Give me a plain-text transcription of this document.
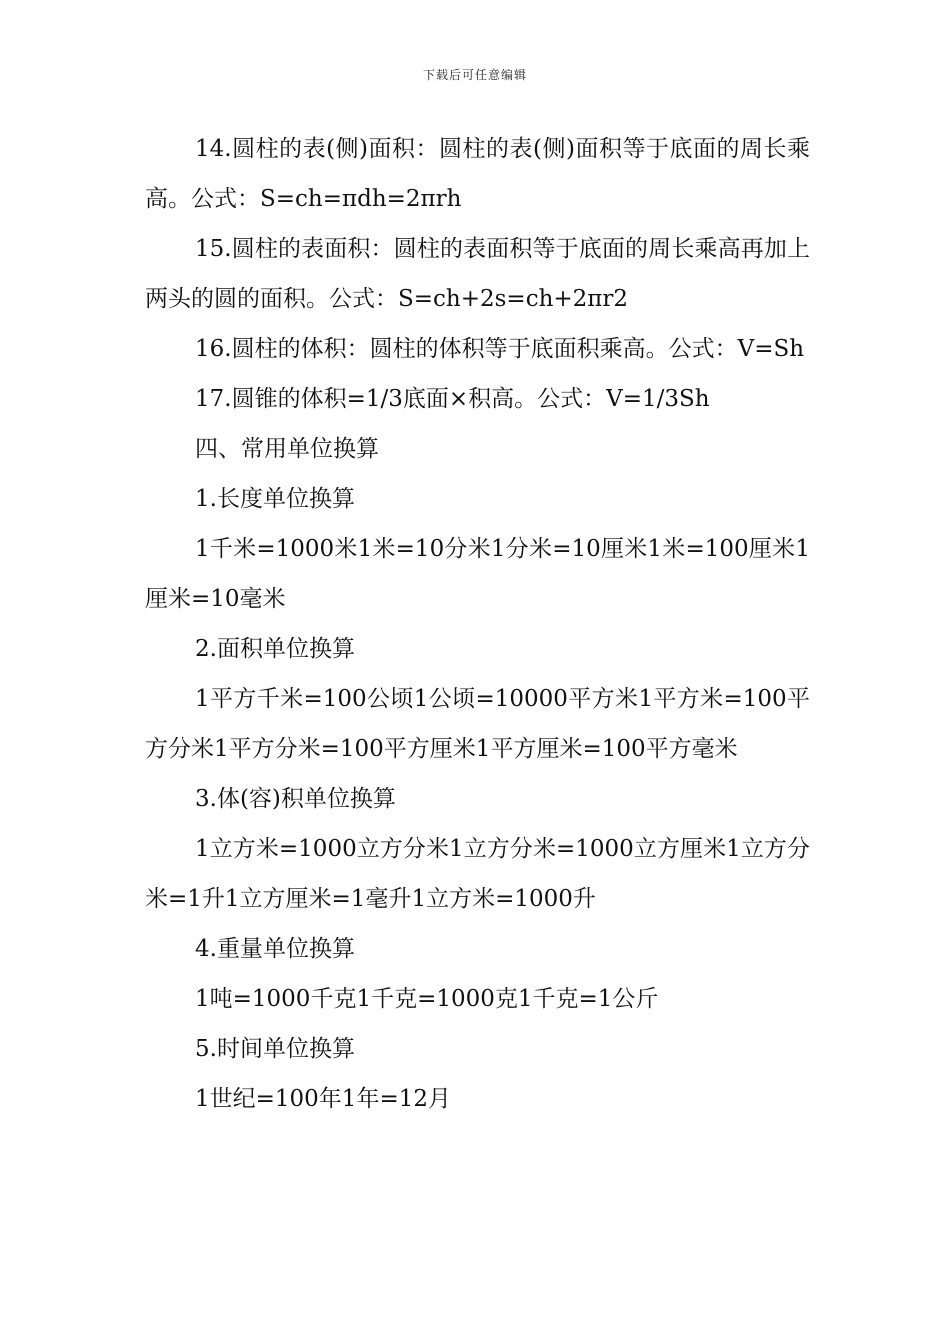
下载后可任意编辑

14.圆柱的表(侧)面积：圆柱的表(侧)面积等于底面的周长乘高。公式：S=ch=πdh=2πrh

15.圆柱的表面积：圆柱的表面积等于底面的周长乘高再加上两头的圆的面积。公式：S=ch+2s=ch+2πr2

16.圆柱的体积：圆柱的体积等于底面积乘高。公式：V=Sh

17.圆锥的体积=1/3底面×积高。公式：V=1/3Sh

四、常用单位换算

1.长度单位换算

1千米=1000米1米=10分米1分米=10厘米1米=100厘米1厘米=10毫米

2.面积单位换算

1平方千米=100公顷1公顷=10000平方米1平方米=100平方分米1平方分米=100平方厘米1平方厘米=100平方毫米

3.体(容)积单位换算

1立方米=1000立方分米1立方分米=1000立方厘米1立方分米=1升1立方厘米=1毫升1立方米=1000升

4.重量单位换算

1吨=1000千克1千克=1000克1千克=1公斤

5.时间单位换算

1世纪=100年1年=12月
